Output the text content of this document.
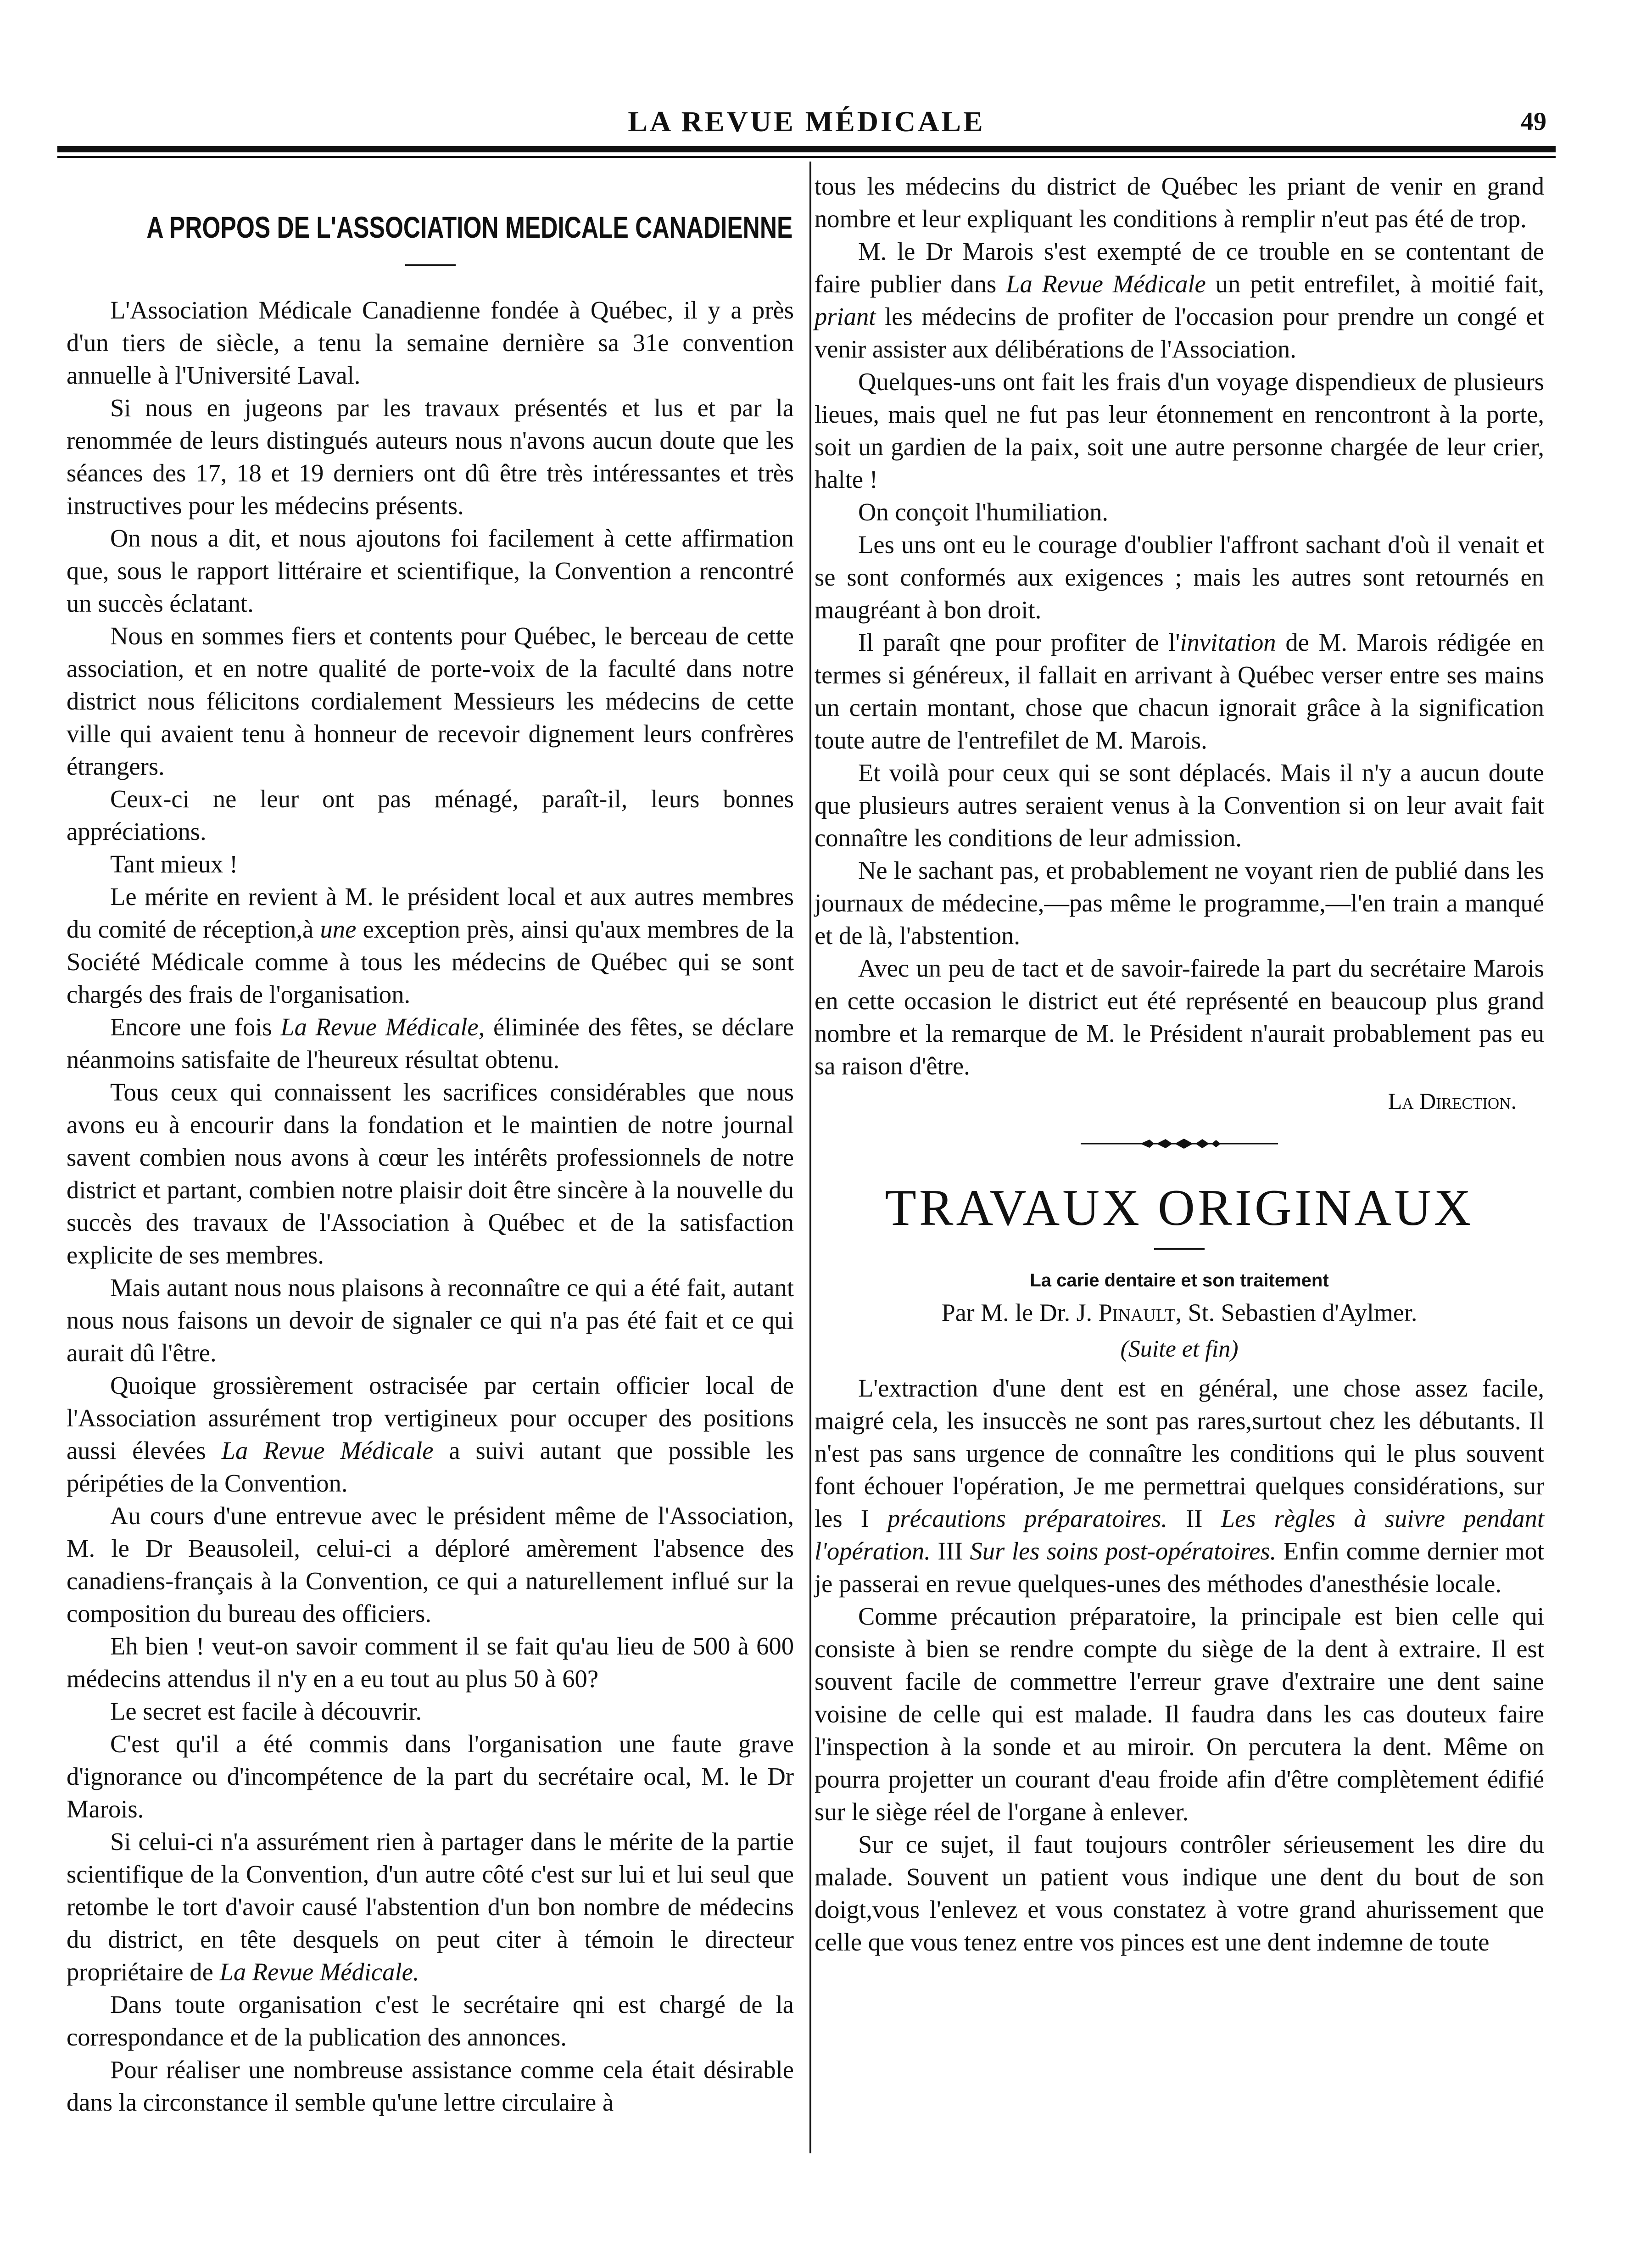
LA REVUE MÉDICALE	49
A PROPOS DE L'ASSOCIATION MEDICALE CANADIENNE

L'Association Médicale Canadienne fondée à Québec, il y a près d'un tiers de siècle, a tenu la semaine dernière sa 31e convention annuelle à l'Université Laval.

Si nous en jugeons par les travaux présentés et lus et par la renommée de leurs distingués auteurs nous n'avons aucun doute que les séances des 17, 18 et 19 derniers ont dû être très intéressantes et très instructives pour les médecins présents.

On nous a dit, et nous ajoutons foi facilement à cette affirmation que, sous le rapport littéraire et scientifique, la Convention a rencontré un succès éclatant.

Nous en sommes fiers et contents pour Québec, le berceau de cette association, et en notre qualité de porte-voix de la faculté dans notre district nous félicitons cordialement Messieurs les médecins de cette ville qui avaient tenu à honneur de recevoir dignement leurs confrères étrangers.

Ceux-ci ne leur ont pas ménagé, paraît-il, leurs bonnes appréciations.

Tant mieux !

Le mérite en revient à M. le président local et aux autres membres du comité de réception,à une exception près, ainsi qu'aux membres de la Société Médicale comme à tous les médecins de Québec qui se sont chargés des frais de l'organisation.

Encore une fois La Revue Médicale, éliminée des fêtes, se déclare néanmoins satisfaite de l'heureux résultat obtenu.

Tous ceux qui connaissent les sacrifices considérables que nous avons eu à encourir dans la fondation et le maintien de notre journal savent combien nous avons à cœur les intérêts professionnels de notre district et partant, combien notre plaisir doit être sincère à la nouvelle du succès des travaux de l'Association à Québec et de la satisfaction explicite de ses membres.

Mais autant nous nous plaisons à reconnaître ce qui a été fait, autant nous nous faisons un devoir de signaler ce qui n'a pas été fait et ce qui aurait dû l'être.

Quoique grossièrement ostracisée par certain officier local de l'Association assurément trop vertigineux pour occuper des positions aussi élevées La Revue Médicale a suivi autant que possible les péripéties de la Convention.

Au cours d'une entrevue avec le président même de l'Association, M. le Dr Beausoleil, celui-ci a déploré amèrement l'absence des canadiens-français à la Convention, ce qui a naturellement influé sur la composition du bureau des officiers.

Eh bien ! veut-on savoir comment il se fait qu'au lieu de 500 à 600 médecins attendus il n'y en a eu tout au plus 50 à 60?

Le secret est facile à découvrir.

C'est qu'il a été commis dans l'organisation une faute grave d'ignorance ou d'incompétence de la part du secrétaire ocal, M. le Dr Marois.

Si celui-ci n'a assurément rien à partager dans le mérite de la partie scientifique de la Convention, d'un autre côté c'est sur lui et lui seul que retombe le tort d'avoir causé l'abstention d'un bon nombre de médecins du district, en tête desquels on peut citer à témoin le directeur propriétaire de La Revue Médicale.

Dans toute organisation c'est le secrétaire qni est chargé de la correspondance et de la publication des annonces.

Pour réaliser une nombreuse assistance comme cela était désirable dans la circonstance il semble qu'une lettre circulaire à

tous les médecins du district de Québec les priant de venir en grand nombre et leur expliquant les conditions à remplir n'eut pas été de trop.

M. le Dr Marois s'est exempté de ce trouble en se contentant de faire publier dans La Revue Médicale un petit entrefilet, à moitié fait, priant les médecins de profiter de l'occasion pour prendre un congé et venir assister aux délibérations de l'Association.

Quelques-uns ont fait les frais d'un voyage dispendieux de plusieurs lieues, mais quel ne fut pas leur étonnement en rencontront à la porte, soit un gardien de la paix, soit une autre personne chargée de leur crier, halte !

On conçoit l'humiliation.

Les uns ont eu le courage d'oublier l'affront sachant d'où il venait et se sont conformés aux exigences ; mais les autres sont retournés en maugréant à bon droit.

Il paraît qne pour profiter de l'invitation de M. Marois rédigée en termes si généreux, il fallait en arrivant à Québec verser entre ses mains un certain montant, chose que chacun ignorait grâce à la signification toute autre de l'entrefilet de M. Marois.

Et voilà pour ceux qui se sont déplacés. Mais il n'y a aucun doute que plusieurs autres seraient venus à la Convention si on leur avait fait connaître les conditions de leur admission.

Ne le sachant pas, et probablement ne voyant rien de publié dans les journaux de médecine,—pas même le programme,—l'en train a manqué et de là, l'abstention.

Avec un peu de tact et de savoir-fairede la part du secrétaire Marois en cette occasion le district eut été représenté en beaucoup plus grand nombre et la remarque de M. le Président n'aurait probablement pas eu sa raison d'être.

La Direction.
TRAVAUX ORIGINAUX
La carie dentaire et son traitement
Par M. le Dr. J. Pinault, St. Sebastien d'Aylmer.
(Suite et fin)

L'extraction d'une dent est en général, une chose assez facile, maigré cela, les insuccès ne sont pas rares,surtout chez les débutants. Il n'est pas sans urgence de connaître les conditions qui le plus souvent font échouer l'opération, Je me permettrai quelques considérations, sur les I précautions préparatoires. II Les règles à suivre pendant l'opération. III Sur les soins post-opératoires. Enfin comme dernier mot je passerai en revue quelques-unes des méthodes d'anesthésie locale.

Comme précaution préparatoire, la principale est bien celle qui consiste à bien se rendre compte du siège de la dent à extraire. Il est souvent facile de commettre l'erreur grave d'extraire une dent saine voisine de celle qui est malade. Il faudra dans les cas douteux faire l'inspection à la sonde et au miroir. On percutera la dent. Même on pourra projetter un courant d'eau froide afin d'être complètement édifié sur le siège réel de l'organe à enlever.

Sur ce sujet, il faut toujours contrôler sérieusement les dire du malade. Souvent un patient vous indique une dent du bout de son doigt,vous l'enlevez et vous constatez à votre grand ahurissement que celle que vous tenez entre vos pinces est une dent indemne de toute
